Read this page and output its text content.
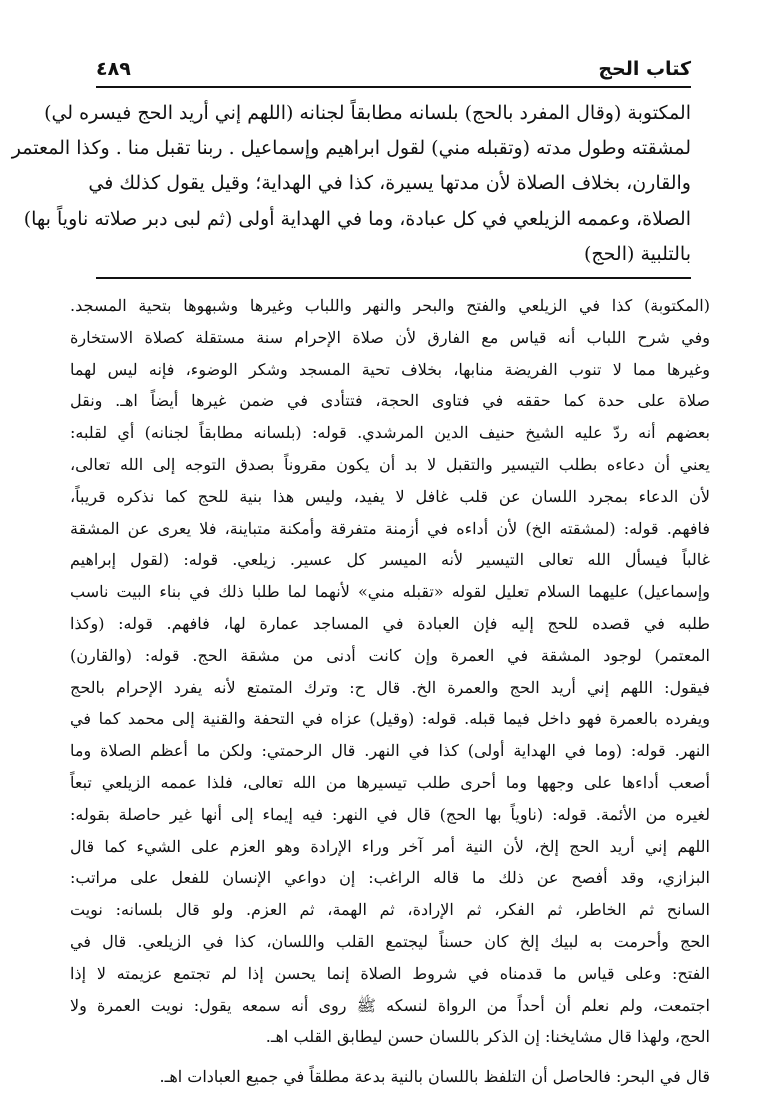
كتاب الحج
٤٨٩
المكتوبة (وقال المفرد بالحج) بلسانه مطابقاً لجنانه (اللهم إني أريد الحج فيسره لي)
لمشقته وطول مدته (وتقبله مني) لقول ابراهيم وإسماعيل . ربنا تقبل منا . وكذا المعتمر
والقارن، بخلاف الصلاة لأن مدتها يسيرة، كذا في الهداية؛ وقيل يقول كذلك في
الصلاة، وعممه الزيلعي في كل عبادة، وما في الهداية أولى (ثم لبى دبر صلاته ناوياً بها)
بالتلبية (الحج)
(المكتوبة) كذا في الزيلعي والفتح والبحر والنهر واللباب وغيرها وشبهوها بتحية المسجد.
وفي شرح اللباب أنه قياس مع الفارق لأن صلاة الإحرام سنة مستقلة كصلاة الاستخارة
وغيرها مما لا تنوب الفريضة منابها، بخلاف تحية المسجد وشكر الوضوء، فإنه ليس لهما
صلاة على حدة كما حققه في فتاوى الحجة، فتتأدى في ضمن غيرها أيضاً اهـ. ونقل
بعضهم أنه ردّ عليه الشيخ حنيف الدين المرشدي. قوله: (بلسانه مطابقاً لجنانه) أي لقلبه:
يعني أن دعاءه بطلب التيسير والتقبل لا بد أن يكون مقروناً بصدق التوجه إلى الله تعالى،
لأن الدعاء بمجرد اللسان عن قلب غافل لا يفيد، وليس هذا بنية للحج كما نذكره قريباً،
فافهم. قوله: (لمشقته الخ) لأن أداءه في أزمنة متفرقة وأمكنة متباينة، فلا يعرى عن المشقة
غالباً فيسأل الله تعالى التيسير لأنه الميسر كل عسير. زيلعي. قوله: (لقول إبراهيم
وإسماعيل) عليهما السلام تعليل لقوله «تقبله مني» لأنهما لما طلبا ذلك في بناء البيت ناسب
طلبه في قصده للحج إليه فإن العبادة في المساجد عمارة لها، فافهم. قوله: (وكذا
المعتمر) لوجود المشقة في العمرة وإن كانت أدنى من مشقة الحج. قوله: (والقارن)
فيقول: اللهم إني أريد الحج والعمرة الخ. قال ح: وترك المتمتع لأنه يفرد الإحرام بالحج
ويفرده بالعمرة فهو داخل فيما قبله. قوله: (وقيل) عزاه في التحفة والقنية إلى محمد كما في
النهر. قوله: (وما في الهداية أولى) كذا في النهر. قال الرحمتي: ولكن ما أعظم الصلاة وما
أصعب أداءها على وجهها وما أحرى طلب تيسيرها من الله تعالى، فلذا عممه الزيلعي تبعاً
لغيره من الأئمة. قوله: (ناوياً بها الحج) قال في النهر: فيه إيماء إلى أنها غير حاصلة بقوله:
اللهم إني أريد الحج إلخ، لأن النية أمر آخر وراء الإرادة وهو العزم على الشيء كما قال
البزازي، وقد أفصح عن ذلك ما قاله الراغب: إن دواعي الإنسان للفعل على مراتب:
السانح ثم الخاطر، ثم الفكر، ثم الإرادة، ثم الهمة، ثم العزم. ولو قال بلسانه: نويت
الحج وأحرمت به لبيك إلخ كان حسناً ليجتمع القلب واللسان، كذا في الزيلعي. قال في
الفتح: وعلى قياس ما قدمناه في شروط الصلاة إنما يحسن إذا لم تجتمع عزيمته لا إذا
اجتمعت، ولم نعلم أن أحداً من الرواة لنسكه ﷺ روى أنه سمعه يقول: نويت العمرة ولا
الحج، ولهذا قال مشايخنا: إن الذكر باللسان حسن ليطابق القلب اهـ.
قال في البحر: فالحاصل أن التلفظ باللسان بالنية بدعة مطلقاً في جميع العبادات اهـ.
